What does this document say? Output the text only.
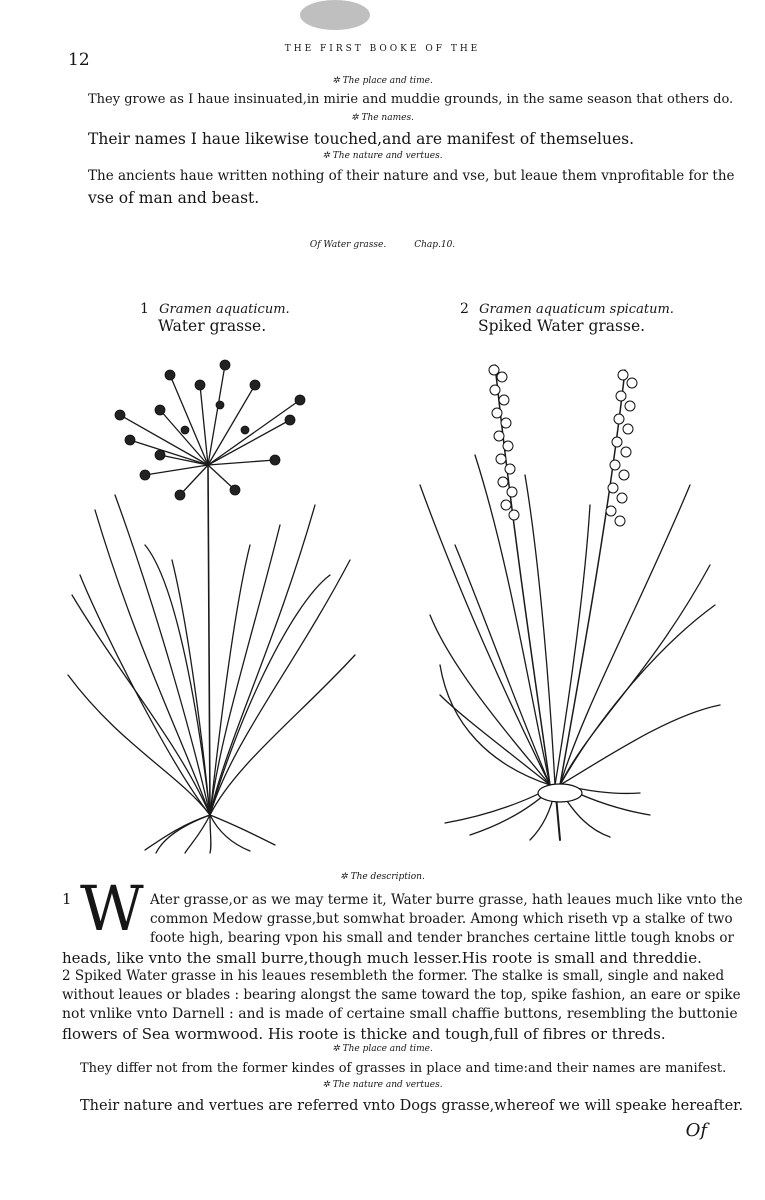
12
THE FIRST BOOKE OF THE
✲ The place and time.
They growe as I haue insinuated,in mirie and muddie grounds, in the same season that others do.
✲ The names.
Their names I haue likewise touched,and are manifest of themselues.
✲ The nature and vertues.
The ancients haue written nothing of their nature and vse, but leaue them vnprofitable for the
vse of man and beast.
Of Water grasse.	Chap.10.
1 Gramen aquaticum.
Water grasse.
2 Gramen aquaticum spicatum.
Spiked Water grasse.
✲ The description.
1 W Ater grasse,or as we may terme it, Water burre grasse, hath leaues much like vnto the
common Medow grasse,but somwhat broader. Among which riseth vp a stalke of two
foote high, bearing vpon his small and tender branches certaine little tough knobs or
heads, like vnto the small burre,though much lesser.His roote is small and threddie.
2 Spiked Water grasse in his leaues resembleth the former. The stalke is small, single and naked
without leaues or blades : bearing alongst the same toward the top, spike fashion, an eare or spike
not vnlike vnto Darnell : and is made of certaine small chaffie buttons, resembling the buttonie
flowers of Sea wormwood. His roote is thicke and tough,full of fibres or threds.
✲ The place and time.
They differ not from the former kindes of grasses in place and time:and their names are manifest.
✲ The nature and vertues.
Their nature and vertues are referred vnto Dogs grasse,whereof we will speake hereafter.
Of
